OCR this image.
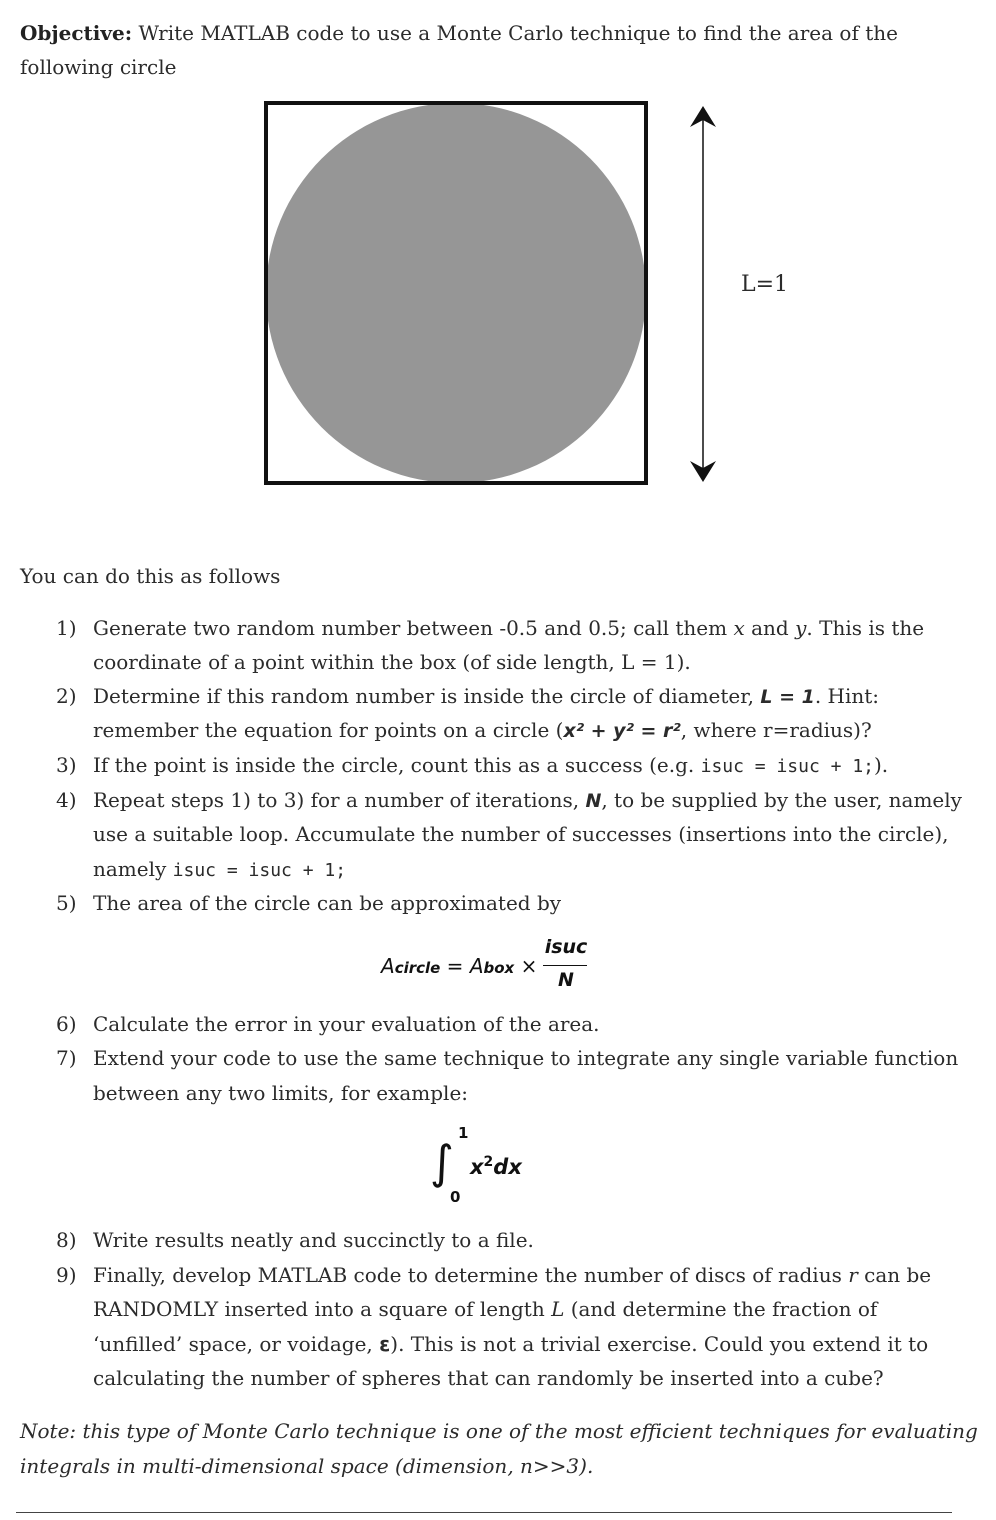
Objective: Write MATLAB code to use a Monte Carlo technique to find the area of the
following circle
L=1
You can do this as follows
1) Generate two random number between -0.5 and 0.5; call them x and y. This is the
coordinate of a point within the box (of side length, L = 1).
2) Determine if this random number is inside the circle of diameter, L = 1. Hint:
remember the equation for points on a circle (x² + y² = r², where r=radius)?
3) If the point is inside the circle, count this as a success (e.g. isuc = isuc + 1;).
4) Repeat steps 1) to 3) for a number of iterations, N, to be supplied by the user, namely
use a suitable loop. Accumulate the number of successes (insertions into the circle),
namely isuc = isuc + 1;
5) The area of the circle can be approximated by
Acircle = Abox ×
isuc
N
6) Calculate the error in your evaluation of the area.
7) Extend your code to use the same technique to integrate any single variable function
between any two limits, for example:
∫
1
0
$x^2dx$
8) Write results neatly and succinctly to a file.
9) Finally, develop MATLAB code to determine the number of discs of radius r can be
RANDOMLY inserted into a square of length L (and determine the fraction of
‘unfilled’ space, or voidage, ε). This is not a trivial exercise. Could you extend it to
calculating the number of spheres that can randomly be inserted into a cube?
Note: this type of Monte Carlo technique is one of the most efficient techniques for evaluating
integrals in multi-dimensional space (dimension, n>>3).
